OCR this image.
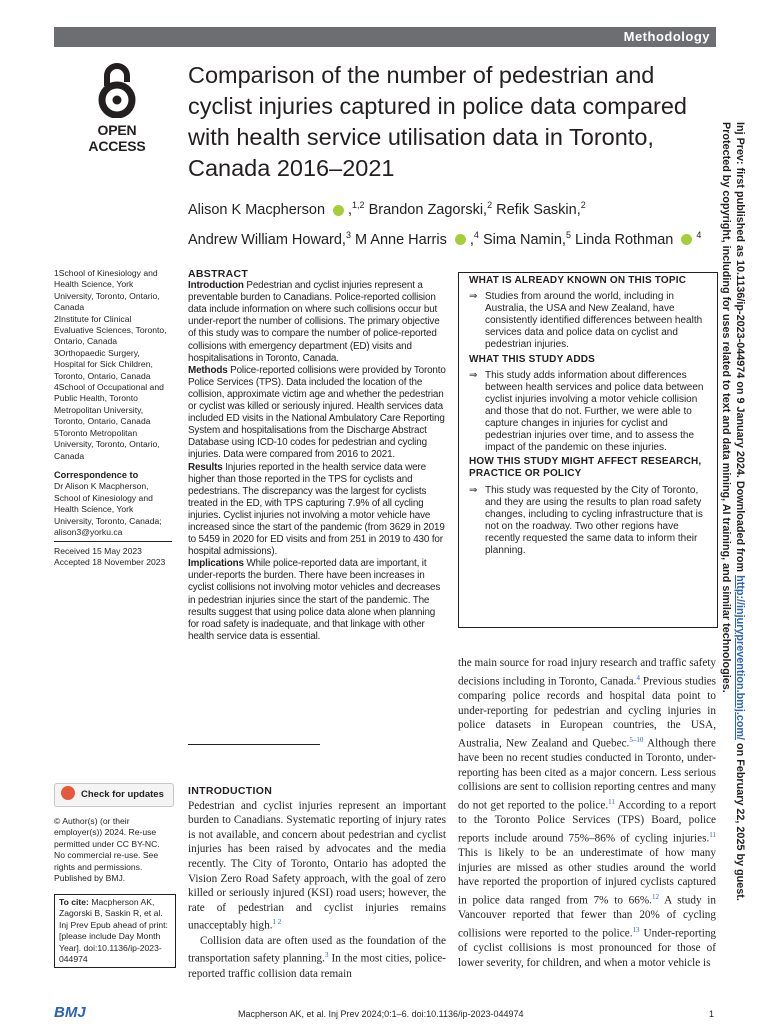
Methodology
OPEN ACCESS
Comparison of the number of pedestrian and cyclist injuries captured in police data compared with health service utilisation data in Toronto, Canada 2016–2021
Alison K Macpherson ,$^{1,2}$ Brandon Zagorski,$^2$ Refik Saskin,$^2$
Andrew William Howard,$^3$ M Anne Harris ,$^4$ Sima Namin,$^5$ Linda Rothman	$^4$
1School of Kinesiology and Health Science, York University, Toronto, Ontario, Canada
2Institute for Clinical Evaluative Sciences, Toronto, Ontario, Canada
3Orthopaedic Surgery, Hospital for Sick Children, Toronto, Ontario, Canada
4School of Occupational and Public Health, Toronto Metropolitan University, Toronto, Ontario, Canada
5Toronto Metropolitan University, Toronto, Ontario, Canada
Correspondence to
Dr Alison K Macpherson, School of Kinesiology and Health Science, York University, Toronto, Canada; alison3@yorku.ca
Received 15 May 2023
Accepted 18 November 2023
Check for updates
© Author(s) (or their employer(s)) 2024. Re-use permitted under CC BY-NC. No commercial re-use. See rights and permissions. Published by BMJ.
To cite: Macpherson AK, Zagorski B, Saskin R, et al. Inj Prev Epub ahead of print: [please include Day Month Year]. doi:10.1136/ip-2023-044974
ABSTRACT

Introduction Pedestrian and cyclist injuries represent a preventable burden to Canadians. Police-reported collision data include information on where such collisions occur but under-report the number of collisions. The primary objective of this study was to compare the number of police-reported collisions with emergency department (ED) visits and hospitalisations in Toronto, Canada.

Methods Police-reported collisions were provided by Toronto Police Services (TPS). Data included the location of the collision, approximate victim age and whether the pedestrian or cyclist was killed or seriously injured. Health services data included ED visits in the National Ambulatory Care Reporting System and hospitalisations from the Discharge Abstract Database using ICD-10 codes for pedestrian and cycling injuries. Data were compared from 2016 to 2021.

Results Injuries reported in the health service data were higher than those reported in the TPS for cyclists and pedestrians. The discrepancy was the largest for cyclists treated in the ED, with TPS capturing 7.9% of all cycling injuries. Cyclist injuries not involving a motor vehicle have increased since the start of the pandemic (from 3629 in 2019 to 5459 in 2020 for ED visits and from 251 in 2019 to 430 for hospital admissions).

Implications While police-reported data are important, it under-reports the burden. There have been increases in cyclist collisions not involving motor vehicles and decreases in pedestrian injuries since the start of the pandemic. The results suggest that using police data alone when planning for road safety is inadequate, and that linkage with other health service data is essential.

WHAT IS ALREADY KNOWN ON THIS TOPIC
⇒ Studies from around the world, including in Australia, the USA and New Zealand, have consistently identified differences between health services data and police data on cyclist and pedestrian injuries.
WHAT THIS STUDY ADDS
⇒ This study adds information about differences between health services and police data between cyclist injuries involving a motor vehicle collision and those that do not. Further, we were able to capture changes in injuries for cyclist and pedestrian injuries over time, and to assess the impact of the pandemic on these injuries.
HOW THIS STUDY MIGHT AFFECT RESEARCH, PRACTICE OR POLICY
⇒ This study was requested by the City of Toronto, and they are using the results to plan road safety changes, including to cycling infrastructure that is not on the roadway. Two other regions have recently requested the same data to inform their planning.
INTRODUCTION

Pedestrian and cyclist injuries represent an important burden to Canadians. Systematic reporting of injury rates is not available, and concern about pedestrian and cyclist injuries has been raised by advocates and the media recently. The City of Toronto, Ontario has adopted the Vision Zero Road Safety approach, with the goal of zero killed or seriously injured (KSI) road users; however, the rate of pedestrian and cyclist injuries remains unacceptably high.$^{1 2}$

Collision data are often used as the foundation of the transportation safety planning.$^3$ In the most cities, police-reported traffic collision data remain

the main source for road injury research and traffic safety decisions including in Toronto, Canada.$^4$ Previous studies comparing police records and hospital data point to under-reporting for pedestrian and cycling injuries in police datasets in European countries, the USA, Australia, New Zealand and Quebec.$^{5-10}$ Although there have been no recent studies conducted in Toronto, under-reporting has been cited as a major concern. Less serious collisions are sent to collision reporting centres and many do not get reported to the police.$^{11}$ According to a report to the Toronto Police Services (TPS) Board, police reports include around 75%–86% of cycling injuries.$^{11}$ This is likely to be an underestimate of how many injuries are missed as other studies around the world have reported the proportion of injured cyclists captured in police data ranged from 7% to 66%.$^{12}$ A study in Vancouver reported that fewer than 20% of cycling collisions were reported to the police.$^{13}$ Under-reporting of cyclist collisions is most pronounced for those of lower severity, for children, and when a motor vehicle is

Inj Prev: first published as 10.1136/ip-2023-044974 on 9 January 2024. Downloaded from http://injuryprevention.bmj.com/ on February 22, 2025 by guest.
Protected by copyright, including for uses related to text and data mining, AI training, and similar technologies.
BMJ	Macpherson AK, et al. Inj Prev 2024;0:1–6. doi:10.1136/ip-2023-044974	1
